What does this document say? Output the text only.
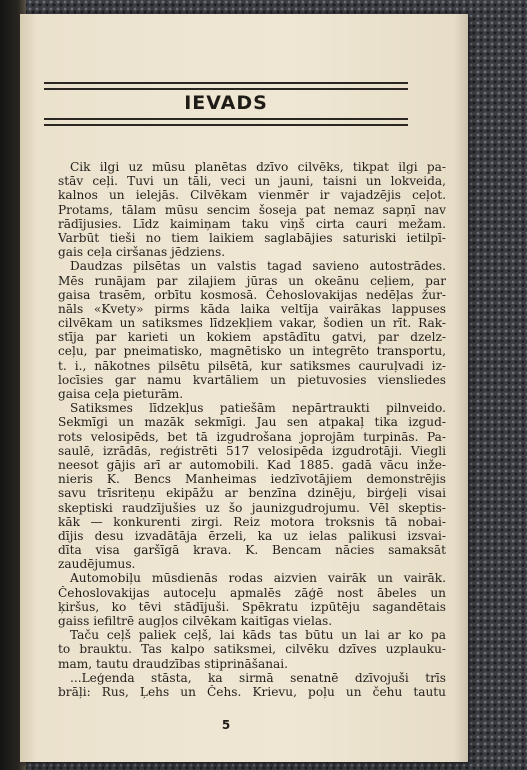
IEVADS
Cik ilgi uz mūsu planētas dzīvo cilvēks, tikpat ilgi pa-
stāv ceļi. Tuvi un tāli, veci un jauni, taisni un lokveida,
kalnos un ielejās. Cilvēkam vienmēr ir vajadzējis ceļot.
Protams, tālam mūsu sencim šoseja pat nemaz sapņī nav
rādījusies. Līdz kaimiņam taku viņš cirta cauri mežam.
Varbūt tieši no tiem laikiem saglabājies saturiski ietilpī-
gais ceļa ciršanas jēdziens.
Daudzas pilsētas un valstis tagad savieno autostrādes.
Mēs runājam par zilajiem jūras un okeānu ceļiem, par
gaisa trasēm, orbītu kosmosā. Čehoslovakijas nedēļas žur-
nāls «Kvety» pirms kāda laika veltīja vairākas lappuses
cilvēkam un satiksmes līdzekļiem vakar, šodien un rīt. Rak-
stīja par karieti un kokiem apstādītu gatvi, par dzelz-
ceļu, par pneimatisko, magnētisko un integrēto transportu,
t. i., nākotnes pilsētu pilsētā, kur satiksmes cauruļvadi iz-
locīsies gar namu kvartāliem un pietuvosies viensliedes
gaisa ceļa pieturām.
Satiksmes līdzekļus patiešām nepārtraukti pilnveido.
Sekmīgi un mazāk sekmīgi. Jau sen atpakaļ tika izgud-
rots velosipēds, bet tā izgudrošana joprojām turpinās. Pa-
saulē, izrādās, reģistrēti 517 velosipēda izgudrotāji. Viegli
neesot gājis arī ar automobili. Kad 1885. gadā vācu inže-
nieris K. Bencs Manheimas iedzīvotājiem demonstrējis
savu trīsriteņu ekipāžu ar benzīna dzinēju, birģeļi visai
skeptiski raudzījušies uz šo jaunizgudrojumu. Vēl skeptis-
kāk — konkurenti zirgi. Reiz motora troksnis tā nobai-
dījis desu izvadātāja ērzeli, ka uz ielas palikusi izsvai-
dīta visa garšīgā krava. K. Bencam nācies samaksāt
zaudējumus.
Automobiļu mūsdienās rodas aizvien vairāk un vairāk.
Čehoslovakijas autoceļu apmalēs zāģē nost ābeles un
ķiršus, ko tēvi stādījuši. Spēkratu izpūtēju sagandētais
gaiss iefiltrē augļos cilvēkam kaitīgas vielas.
Taču ceļš paliek ceļš, lai kāds tas būtu un lai ar ko pa
to brauktu. Tas kalpo satiksmei, cilvēku dzīves uzplauku-
mam, tautu draudzības stiprināšanai.
...Leģenda stāsta, ka sirmā senatnē dzīvojuši trīs
brāļi: Rus, Ļehs un Čehs. Krievu, poļu un čehu tautu
5
